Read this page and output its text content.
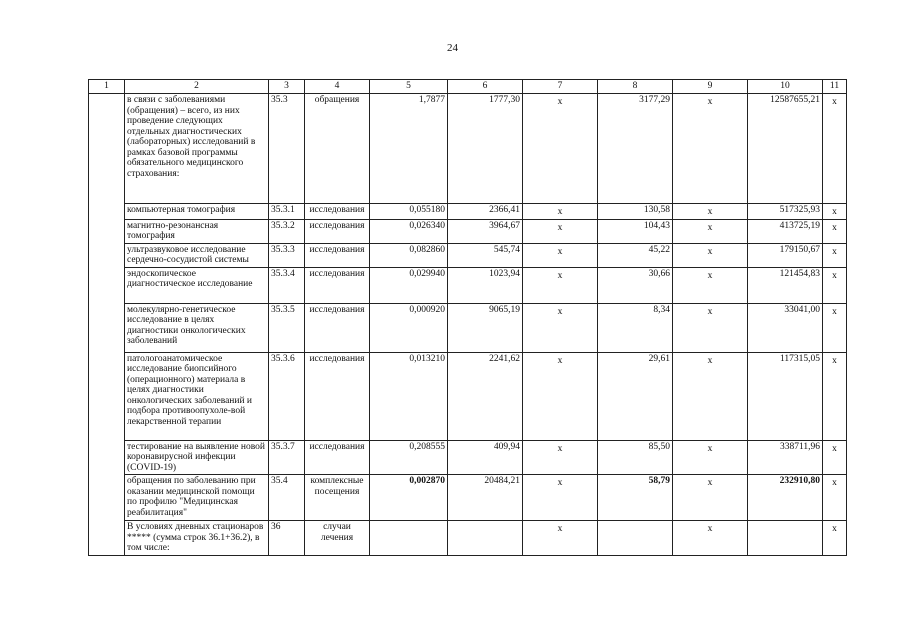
24
1	2	3	4	5	6	7	8	9	10	11
	в связи с заболеваниями (обращения) – всего, из них проведение следующих отдельных диагностических (лабораторных) исследований в рамках базовой программы обязательного медицинского страхования:	35.3	обращения	1,7877	1777,30	x	3177,29	x	12587655,21	x
	компьютерная томография	35.3.1	исследования	0,055180	2366,41	x	130,58	x	517325,93	x
	магнитно-резонансная томография	35.3.2	исследования	0,026340	3964,67	x	104,43	x	413725,19	x
	ультразвуковое исследование сердечно-сосудистой системы	35.3.3	исследования	0,082860	545,74	x	45,22	x	179150,67	x
	эндоскопическое диагностическое исследование	35.3.4	исследования	0,029940	1023,94	x	30,66	x	121454,83	x
	молекулярно-генетическое исследование в целях диагностики онкологических заболеваний	35.3.5	исследования	0,000920	9065,19	x	8,34	x	33041,00	x
	патологоанатомическое исследование биопсийного (операционного) материала в целях диагностики онкологических заболеваний и подбора противоопухоле-вой лекарственной терапии	35.3.6	исследования	0,013210	2241,62	x	29,61	x	117315,05	x
	тестирование на выявление новой коронавирусной инфекции (COVID-19)	35.3.7	исследования	0,208555	409,94	x	85,50	x	338711,96	x
	обращения по заболеванию при оказании медицинской помощи по профилю "Медицинская реабилитация"	35.4	комплексные посещения	0,002870	20484,21	x	58,79	x	232910,80	x
	В условиях дневных стационаров ***** (сумма строк 36.1+36.2), в том числе:	36	случаи лечения			x		x		x
